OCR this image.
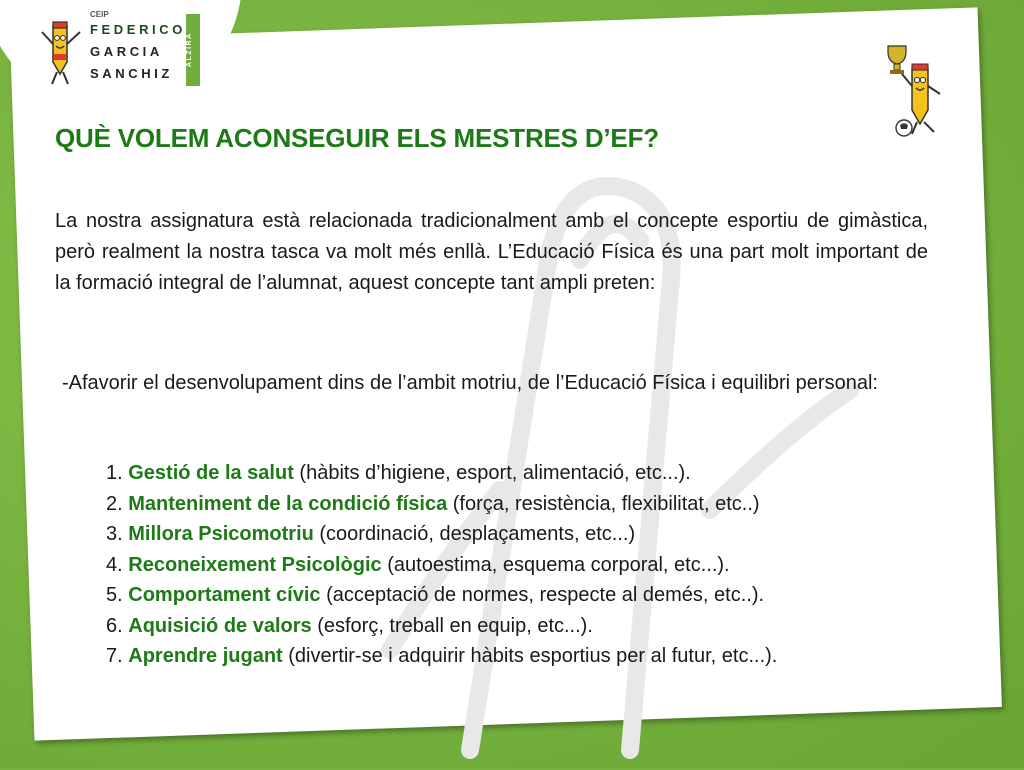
CEIP
FEDERICO
GARCIA
SANCHIZ
ALZIRA
QUÈ VOLEM ACONSEGUIR ELS MESTRES D’EF?

La nostra assignatura està relacionada tradicionalment amb el concepte esportiu de gimàstica, però realment la nostra tasca va molt més enllà. L’Educació Física és una part molt important de la formació integral de l’alumnat, aquest concepte tant ampli preten:

-Afavorir el desenvolupament dins de l’ambit motriu, de l’Educació Física i equilibri personal:

1. Gestió de la salut (hàbits d’higiene, esport, alimentació, etc...).
2. Manteniment de la condició física (força, resistència, flexibilitat, etc..)
3. Millora Psicomotriu (coordinació, desplaçaments, etc...)
4. Reconeixement Psicològic (autoestima, esquema corporal, etc...).
5. Comportament cívic (acceptació de normes, respecte al demés, etc..).
6. Aquisició de valors (esforç, treball en equip, etc...).
7. Aprendre jugant (divertir-se i adquirir hàbits esportius per al futur, etc...).
